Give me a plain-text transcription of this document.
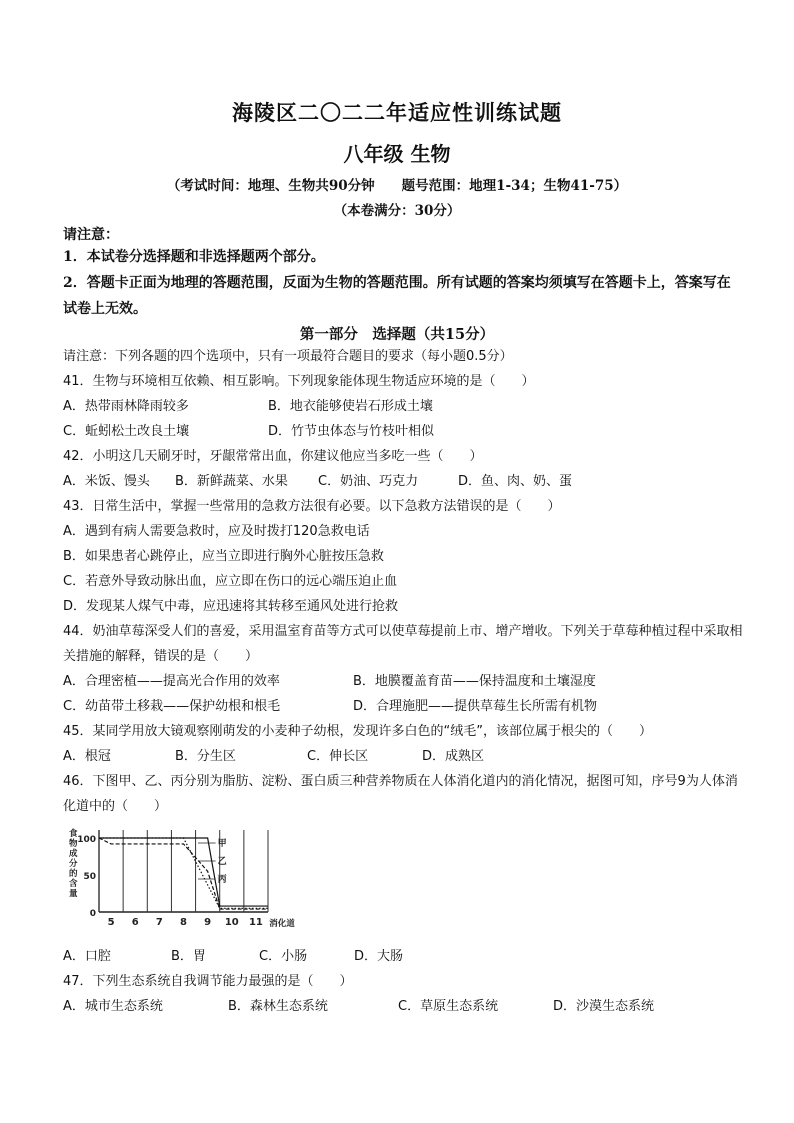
海陵区二〇二二年适应性训练试题
八年级 生物
（考试时间：地理、生物共90分钟　　题号范围：地理1-34；生物41-75）
（本卷满分：30分）
请注意：
1．本试卷分选择题和非选择题两个部分。
2．答题卡正面为地理的答题范围，反面为生物的答题范围。所有试题的答案均须填写在答题卡上，答案写在试卷上无效。
第一部分　选择题（共15分）
请注意：下列各题的四个选项中，只有一项最符合题目的要求（每小题0.5分）
41．生物与环境相互依赖、相互影响。下列现象能体现生物适应环境的是（　　）
A．热带雨林降雨较多	B．地衣能够使岩石形成土壤
C．蚯蚓松土改良土壤	D．竹节虫体态与竹枝叶相似
42．小明这几天刷牙时，牙龈常常出血，你建议他应当多吃一些（　　）
A．米饭、馒头 B．新鲜蔬菜、水果 C．奶油、巧克力	D．鱼、肉、奶、蛋
43．日常生活中，掌握一些常用的急救方法很有必要。以下急救方法错误的是（　　）
A．遇到有病人需要急救时，应及时拨打120急救电话
B．如果患者心跳停止，应当立即进行胸外心脏按压急救
C．若意外导致动脉出血，应立即在伤口的远心端压迫止血
D．发现某人煤气中毒，应迅速将其转移至通风处进行抢救
44．奶油草莓深受人们的喜爱，采用温室育苗等方式可以使草莓提前上市、增产增收。下列关于草莓种植过程中采取相关措施的解释，错误的是（　　）
A．合理密植——提高光合作用的效率	B．地膜覆盖育苗——保持温度和土壤湿度
C．幼苗带土移栽——保护幼根和根毛	D．合理施肥——提供草莓生长所需有机物
45．某同学用放大镜观察刚萌发的小麦种子幼根，发现许多白色的“绒毛”，该部位属于根尖的（　　）
A．根冠	B．分生区	C．伸长区	D．成熟区
46．下图甲、乙、丙分别为脂肪、淀粉、蛋白质三种营养物质在人体消化道内的消化情况，据图可知，序号9为人体消化道中的（　　）
100
50
0
食物成分的含量
5 6 7 8 9 10 11 消化道
甲
乙
丙
A．口腔	B．胃	C．小肠	D．大肠
47．下列生态系统自我调节能力最强的是（　　）
A．城市生态系统	B．森林生态系统	C．草原生态系统	D．沙漠生态系统
